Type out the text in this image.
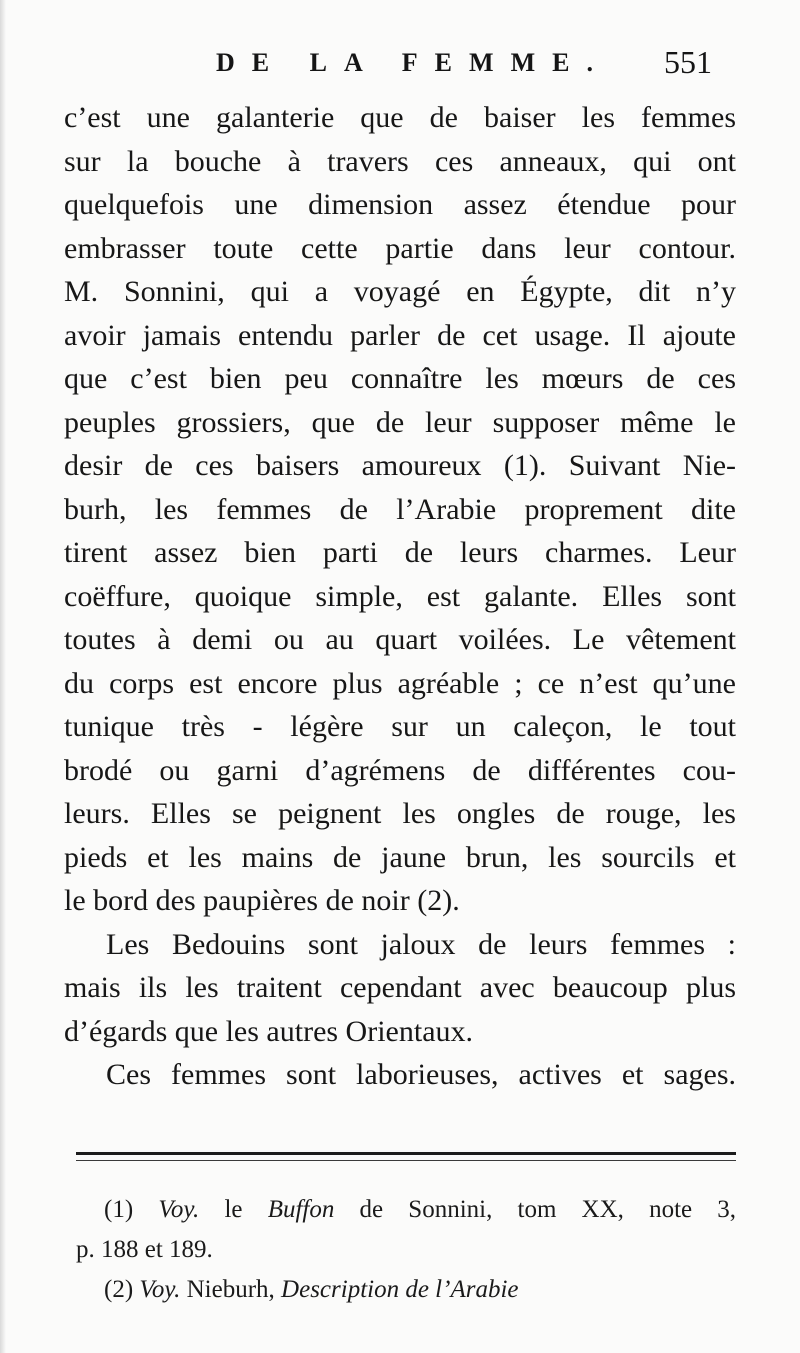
DE LA FEMME. 551
c’est une galanterie que de baiser les femmes
sur la bouche à travers ces anneaux, qui ont
quelquefois une dimension assez étendue pour
embrasser toute cette partie dans leur contour.
M. Sonnini, qui a voyagé en Égypte, dit n’y
avoir jamais entendu parler de cet usage. Il ajoute
que c’est bien peu connaître les mœurs de ces
peuples grossiers, que de leur supposer même le
desir de ces baisers amoureux (1). Suivant Nie-
burh, les femmes de l’Arabie proprement dite
tirent assez bien parti de leurs charmes. Leur
coëffure, quoique simple, est galante. Elles sont
toutes à demi ou au quart voilées. Le vêtement
du corps est encore plus agréable ; ce n’est qu’une
tunique très - légère sur un caleçon, le tout
brodé ou garni d’agrémens de différentes cou-
leurs. Elles se peignent les ongles de rouge, les
pieds et les mains de jaune brun, les sourcils et
le bord des paupières de noir (2).
Les Bedouins sont jaloux de leurs femmes :
mais ils les traitent cependant avec beaucoup plus
d’égards que les autres Orientaux.
Ces femmes sont laborieuses, actives et sages.
(1) Voy. le Buffon de Sonnini, tom XX, note 3,
p. 188 et 189.
(2) Voy. Nieburh, Description de l’Arabie
